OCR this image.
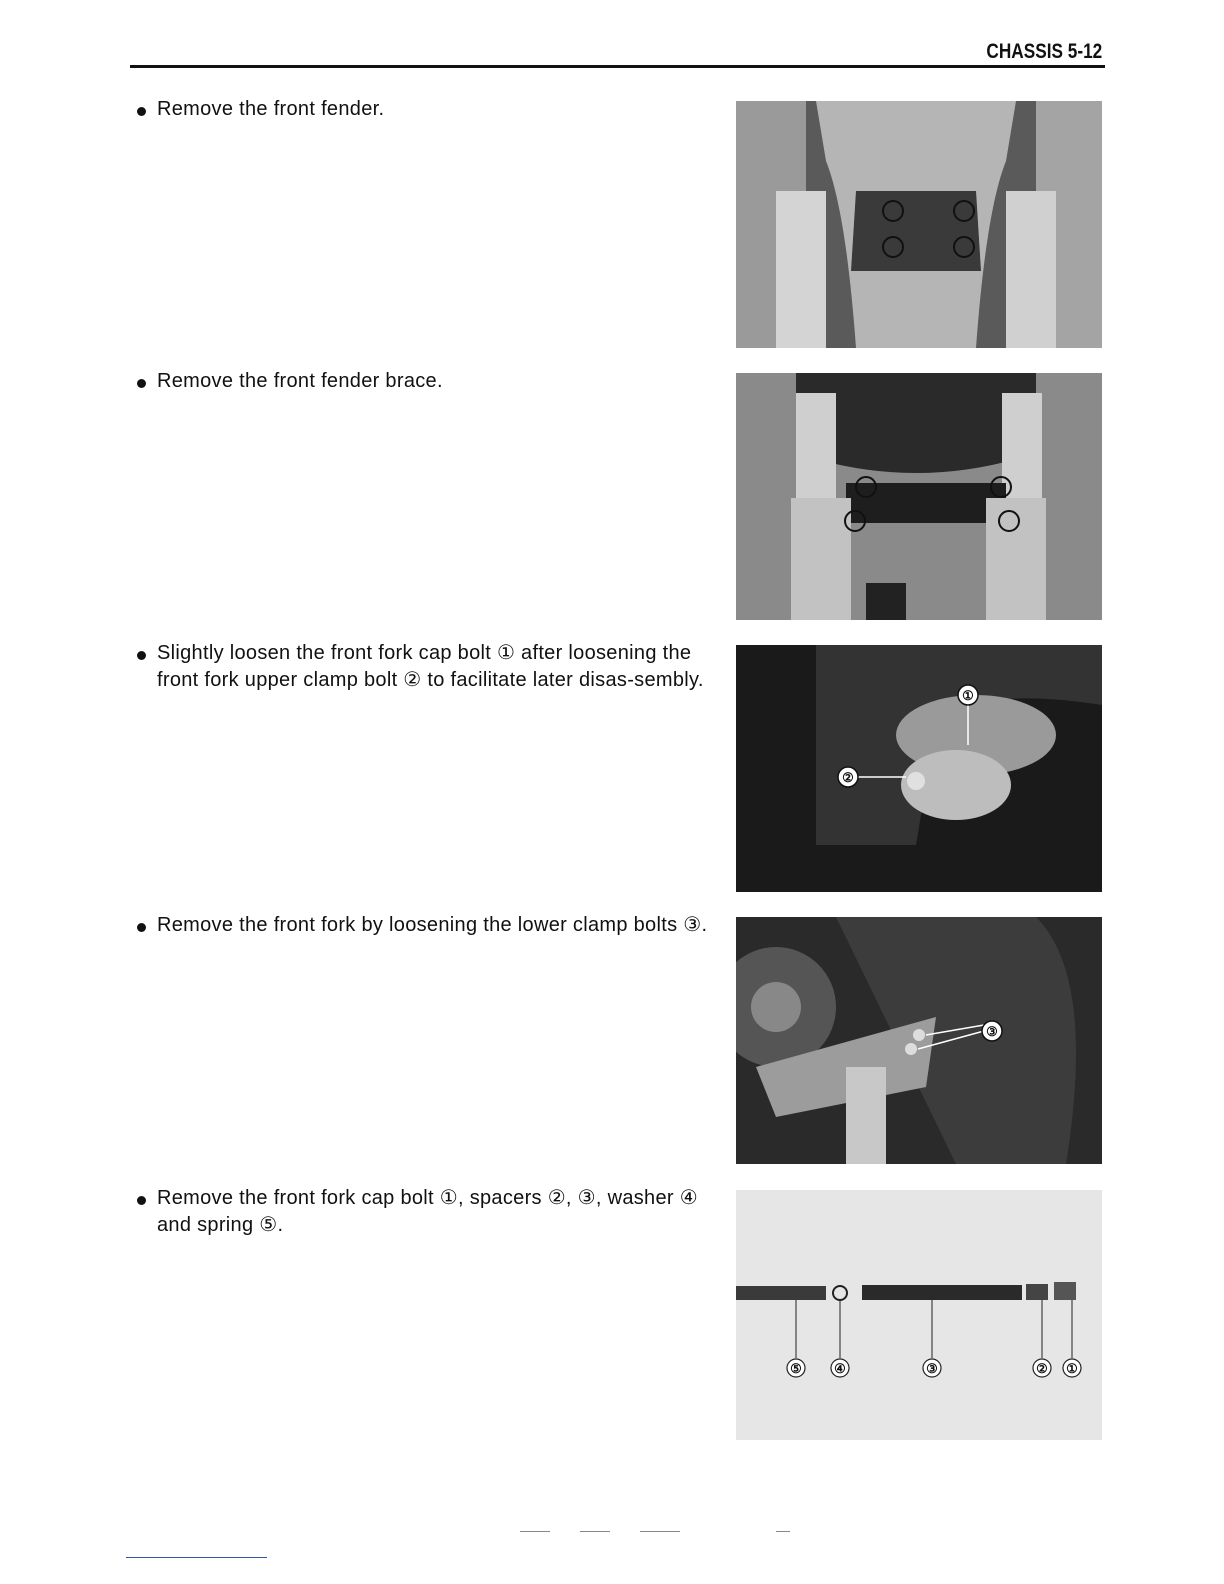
CHASSIS 5-12
Remove the front fender.
Remove the front fender brace.
Slightly loosen the front fork cap bolt ① after loosening the front fork upper clamp bolt ② to facilitate later disas-sembly.
①
②
Remove the front fork by loosening the lower clamp bolts ③.
③
Remove the front fork cap bolt ①, spacers ②, ③, washer ④ and spring ⑤.
⑤ ④	③	② ①
